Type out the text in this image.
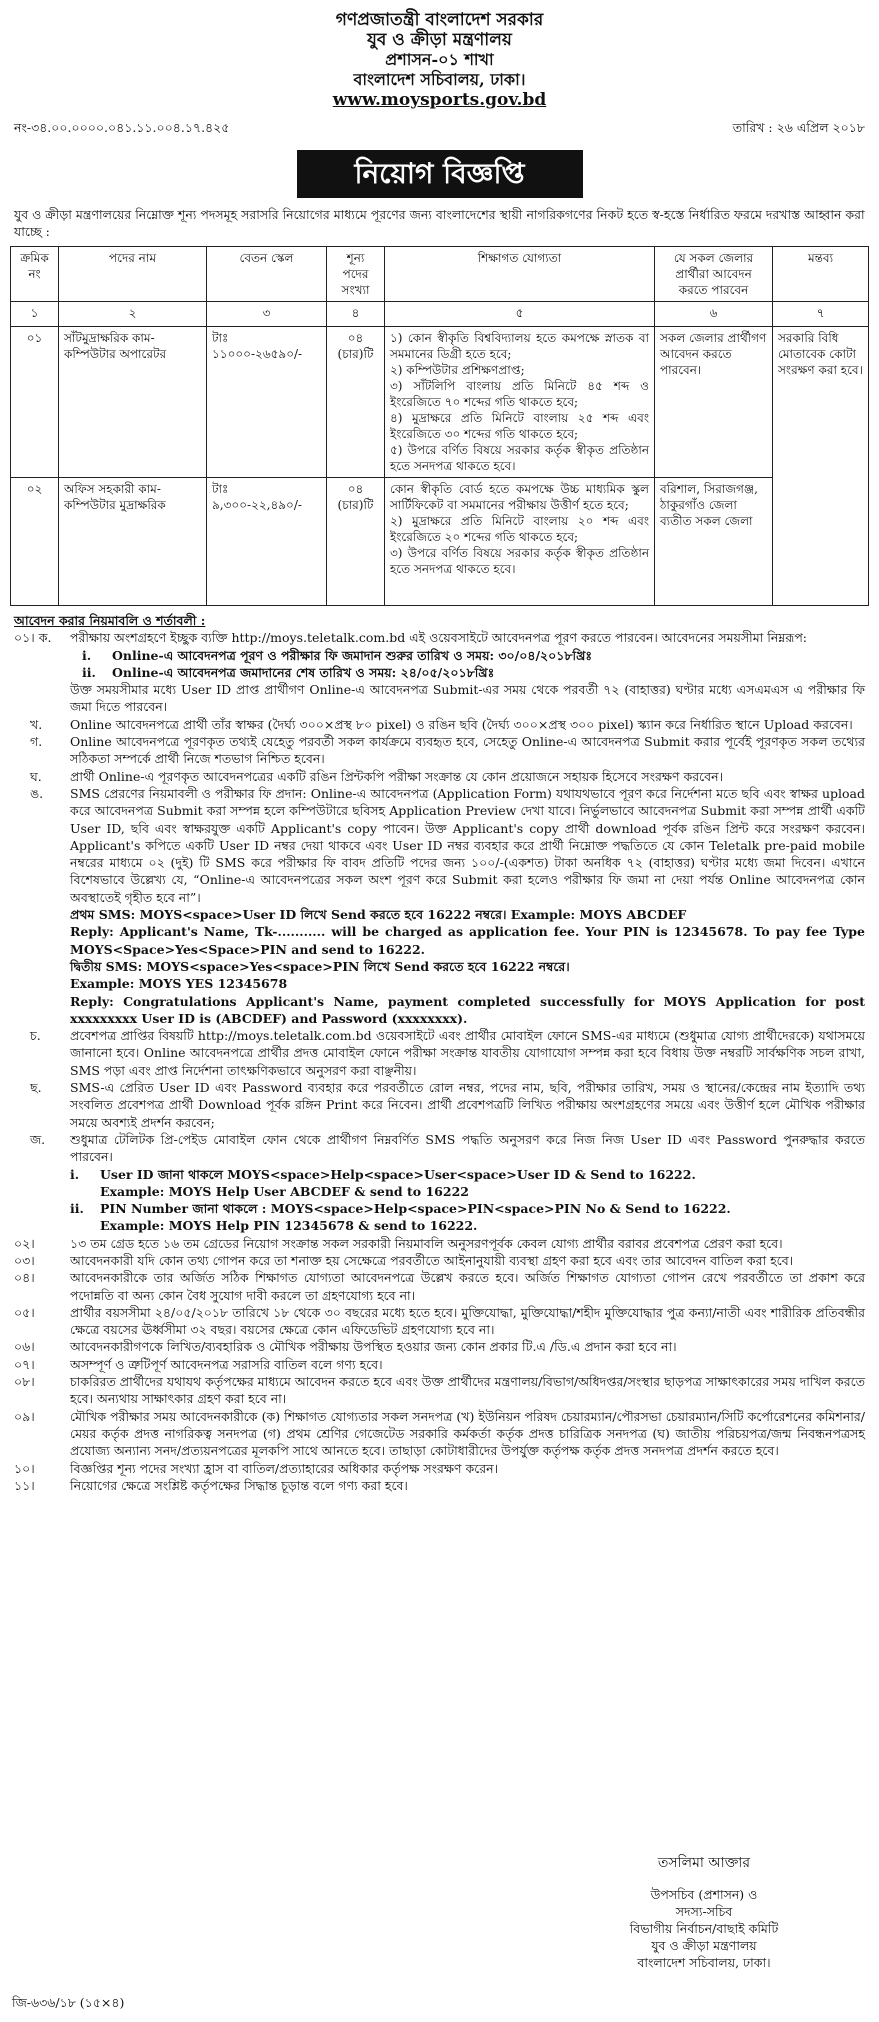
গণপ্রজাতন্ত্রী বাংলাদেশ সরকার
যুব ও ক্রীড়া মন্ত্রণালয়
প্রশাসন-০১ শাখা
বাংলাদেশ সচিবালয়, ঢাকা।
www.moysports.gov.bd
নং-৩৪.০০.০০০০.০৪১.১১.০০৪.১৭.৪২৫	তারিখ : ২৬ এপ্রিল ২০১৮
নিয়োগ বিজ্ঞপ্তি
যুব ও ক্রীড়া মন্ত্রণালয়ের নিম্নোক্ত শূন্য পদসমূহ সরাসরি নিয়োগের মাধ্যমে পূরণের জন্য বাংলাদেশের স্থায়ী নাগরিকগণের নিকট হতে স্ব-হস্তে নির্ধারিত ফরমে দরখাস্ত আহ্বান করা যাচ্ছে :
ক্রমিক নং	পদের নাম	বেতন স্কেল	শূন্য পদের সংখ্যা	শিক্ষাগত যোগ্যতা	যে সকল জেলার প্রার্থীরা আবেদন করতে পারবেন	মন্তব্য
১	২	৩	৪	৫	৬	৭
০১	সাঁটমুদ্রাক্ষরিক কাম-কম্পিউটার অপারেটর	টাঃ ১১০০০-২৬৫৯০/-	০৪ (চার)টি	১) কোন স্বীকৃতি বিশ্ববিদ্যালয় হতে কমপক্ষে স্নাতক বা সমমানের ডিগ্রী হতে হবে;

২) কম্পিউটার প্রশিক্ষণপ্রাপ্ত;

৩) সাঁটলিপি বাংলায় প্রতি মিনিটে ৪৫ শব্দ ও ইংরেজিতে ৭০ শব্দের গতি থাকতে হবে;

৪) মুদ্রাক্ষরে প্রতি মিনিটে বাংলায় ২৫ শব্দ এবং ইংরেজিতে ৩০ শব্দের গতি থাকতে হবে;

৫) উপরে বর্ণিত বিষয়ে সরকার কর্তৃক স্বীকৃত প্রতিষ্ঠান হতে সনদপত্র থাকতে হবে।	সকল জেলার প্রার্থীগণ আবেদন করতে পারবেন।	সরকারি বিধি মোতাবেক কোটা সংরক্ষণ করা হবে।
০২	অফিস সহকারী কাম-কম্পিউটার মুদ্রাক্ষরিক	টাঃ ৯,৩০০-২২,৪৯০/-	০৪ (চার)টি	কোন স্বীকৃতি বোর্ড হতে কমপক্ষে উচ্চ মাধ্যমিক স্কুল সার্টিফিকেট বা সমমানের পরীক্ষায় উত্তীর্ণ হতে হবে;

২) মুদ্রাক্ষরে প্রতি মিনিটে বাংলায় ২০ শব্দ এবং ইংরেজিতে ২০ শব্দের গতি থাকতে হবে;

৩) উপরে বর্ণিত বিষয়ে সরকার কর্তৃক স্বীকৃত প্রতিষ্ঠান হতে সনদপত্র থাকতে হবে।	বরিশাল, সিরাজগঞ্জ, ঠাকুরগাঁও জেলা ব্যতীত সকল জেলা	
আবেদন করার নিয়মাবলি ও শর্তাবলী :
০১। ক.	পরীক্ষায় অংশগ্রহণে ইচ্ছুক ব্যক্তি http://moys.teletalk.com.bd এই ওয়েবসাইটে আবেদনপত্র পূরণ করতে পারবেন। আবেদনের সময়সীমা নিম্নরূপ:
i.	Online-এ আবেদনপত্র পূরণ ও পরীক্ষার ফি জমাদান শুরুর তারিখ ও সময়: ৩০/০৪/২০১৮খ্রিঃ
ii.	Online-এ আবেদনপত্র জমাদানের শেষ তারিখ ও সময়: ২৪/০৫/২০১৮খ্রিঃ
উক্ত সময়সীমার মধ্যে User ID প্রাপ্ত প্রার্থীগণ Online-এ আবেদনপত্র Submit-এর সময় থেকে পরবর্তী ৭২ (বাহাত্তর) ঘণ্টার মধ্যে এসএমএস এ পরীক্ষার ফি জমা দিতে পারবেন।
খ.	Online আবেদনপত্রে প্রার্থী তাঁর স্বাক্ষর (দৈর্ঘ্য ৩০০×প্রস্থ ৮০ pixel) ও রঙিন ছবি (দৈর্ঘ্য ৩০০×প্রস্থ ৩০০ pixel) স্ক্যান করে নির্ধারিত স্থানে Upload করবেন।
গ.	Online আবেদনপত্রে পূরণকৃত তথ্যই যেহেতু পরবর্তী সকল কার্যক্রমে ব্যবহৃত হবে, সেহেতু Online-এ আবেদনপত্র Submit করার পূর্বেই পূরণকৃত সকল তথ্যের সঠিকতা সম্পর্কে প্রার্থী নিজে শতভাগ নিশ্চিত হবেন।
ঘ.	প্রার্থী Online-এ পূরণকৃত আবেদনপত্রের একটি রঙিন প্রিন্টকপি পরীক্ষা সংক্রান্ত যে কোন প্রয়োজনে সহায়ক হিসেবে সংরক্ষণ করবেন।
ঙ.	SMS প্রেরণের নিয়মাবলী ও পরীক্ষার ফি প্রদান: Online-এ আবেদনপত্র (Application Form) যথাযথভাবে পূরণ করে নির্দেশনা মতে ছবি এবং স্বাক্ষর upload করে আবেদনপত্র Submit করা সম্পন্ন হলে কম্পিউটারে ছবিসহ Application Preview দেখা যাবে। নির্ভুলভাবে আবেদনপত্র Submit করা সম্পন্ন প্রার্থী একটি User ID, ছবি এবং স্বাক্ষরযুক্ত একটি Applicant's copy পাবেন। উক্ত Applicant's copy প্রার্থী download পূর্বক রঙিন প্রিন্ট করে সংরক্ষণ করবেন। Applicant's কপিতে একটি User ID নম্বর দেয়া থাকবে এবং User ID নম্বর ব্যবহার করে প্রার্থী নিম্নোক্ত পদ্ধতিতে যে কোন Teletalk pre-paid mobile নম্বরের মাধ্যমে ০২ (দুই) টি SMS করে পরীক্ষার ফি বাবদ প্রতিটি পদের জন্য ১০০/-(একশত) টাকা অনধিক ৭২ (বাহাত্তর) ঘণ্টার মধ্যে জমা দিবেন। এখানে বিশেষভাবে উল্লেখ্য যে, “Online-এ আবেদনপত্রের সকল অংশ পূরণ করে Submit করা হলেও পরীক্ষার ফি জমা না দেয়া পর্যন্ত Online আবেদনপত্র কোন অবস্থাতেই গৃহীত হবে না”।
প্রথম SMS: MOYS<space>User ID লিখে Send করতে হবে 16222 নম্বরে। Example: MOYS ABCDEF
Reply: Applicant's Name, Tk-........... will be charged as application fee. Your PIN is 12345678. To pay fee Type MOYS<Space>Yes<Space>PIN and send to 16222.
দ্বিতীয় SMS: MOYS<space>Yes<space>PIN লিখে Send করতে হবে 16222 নম্বরে।
Example: MOYS YES 12345678
Reply: Congratulations Applicant's Name, payment completed successfully for MOYS Application for post xxxxxxxxx User ID is (ABCDEF) and Password (xxxxxxxx).
চ.	প্রবেশপত্র প্রাপ্তির বিষয়টি http://moys.teletalk.com.bd ওয়েবসাইটে এবং প্রার্থীর মোবাইল ফোনে SMS-এর মাধ্যমে (শুধুমাত্র যোগ্য প্রার্থীদেরকে) যথাসময়ে জানানো হবে। Online আবেদনপত্রে প্রার্থীর প্রদত্ত মোবাইল ফোনে পরীক্ষা সংক্রান্ত যাবতীয় যোগাযোগ সম্পন্ন করা হবে বিধায় উক্ত নম্বরটি সার্বক্ষণিক সচল রাখা, SMS পড়া এবং প্রাপ্ত নির্দেশনা তাৎক্ষণিকভাবে অনুসরণ করা বাঞ্ছনীয়।
ছ.	SMS-এ প্রেরিত User ID এবং Password ব্যবহার করে পরবর্তীতে রোল নম্বর, পদের নাম, ছবি, পরীক্ষার তারিখ, সময় ও স্থানের/কেন্দ্রের নাম ইত্যাদি তথ্য সংবলিত প্রবেশপত্র প্রার্থী Download পূর্বক রঙ্গিন Print করে নিবেন। প্রার্থী প্রবেশপত্রটি লিখিত পরীক্ষায় অংশগ্রহণের সময়ে এবং উত্তীর্ণ হলে মৌখিক পরীক্ষার সময়ে অবশ্যই প্রদর্শন করবেন;
জ.	শুধুমাত্র টেলিটক প্রি-পেইড মোবাইল ফোন থেকে প্রার্থীগণ নিম্নবর্ণিত SMS পদ্ধতি অনুসরণ করে নিজ নিজ User ID এবং Password পুনরুদ্ধার করতে পারবেন।
i.	User ID জানা থাকলে MOYS<space>Help<space>User<space>User ID & Send to 16222.
Example: MOYS Help User ABCDEF & send to 16222
ii.	PIN Number জানা থাকলে : MOYS<space>Help<space>PIN<space>PIN No & Send to 16222.
Example: MOYS Help PIN 12345678 & send to 16222.
০২।	১৩ তম গ্রেড হতে ১৬ তম গ্রেডের নিয়োগ সংক্রান্ত সকল সরকারী নিয়মাবলি অনুসরণপূর্বক কেবল যোগ্য প্রার্থীর বরাবর প্রবেশপত্র প্রেরণ করা হবে।
০৩।	আবেদনকারী যদি কোন তথ্য গোপন করে তা শনাক্ত হয় সেক্ষেত্রে পরবর্তীতে আইনানুযায়ী ব্যবস্থা গ্রহণ করা হবে এবং তার আবেদন বাতিল করা হবে।
০৪।	আবেদনকারীকে তার অর্জিত সঠিক শিক্ষাগত যোগ্যতা আবেদনপত্রে উল্লেখ করতে হবে। অর্জিত শিক্ষাগত যোগ্যতা গোপন রেখে পরবর্তীতে তা প্রকাশ করে পদোন্নতি বা অন্য কোন বৈধ সুযোগ দাবী করলে তা গ্রহণযোগ্য হবে না।
০৫।	প্রার্থীর বয়সসীমা ২৪/০৫/২০১৮ তারিখে ১৮ থেকে ৩০ বছরের মধ্যে হতে হবে। মুক্তিযোদ্ধা, মুক্তিযোদ্ধা/শহীদ মুক্তিযোদ্ধার পুত্র কন্যা/নাতী এবং শারীরিক প্রতিবন্ধীর ক্ষেত্রে বয়সের ঊর্ধ্বসীমা ৩২ বছর। বয়সের ক্ষেত্রে কোন এফিডেভিট গ্রহণযোগ্য হবে না।
০৬।	আবেদনকারীগণকে লিখিত/ব্যবহারিক ও মৌখিক পরীক্ষায় উপস্থিত হওয়ার জন্য কোন প্রকার টি.এ /ডি.এ প্রদান করা হবে না।
০৭।	অসম্পূর্ণ ও ত্রুটিপূর্ণ আবেদনপত্র সরাসরি বাতিল বলে গণ্য হবে।
০৮।	চাকরিরত প্রার্থীদের যথাযথ কর্তৃপক্ষের মাধ্যমে আবেদন করতে হবে এবং উক্ত প্রার্থীদের মন্ত্রণালয়/বিভাগ/অধিদপ্তর/সংস্থার ছাড়পত্র সাক্ষাৎকারের সময় দাখিল করতে হবে। অন্যথায় সাক্ষাৎকার গ্রহণ করা হবে না।
০৯।	মৌখিক পরীক্ষার সময় আবেদনকারীকে (ক) শিক্ষাগত যোগ্যতার সকল সনদপত্র (খ) ইউনিয়ন পরিষদ চেয়ারম্যান/পৌরসভা চেয়ারম্যান/সিটি কর্পোরেশনের কমিশনার/মেয়র কর্তৃক প্রদত্ত নাগরিকত্ব সনদপত্র (গ) প্রথম শ্রেণির গেজেটেড সরকারি কর্মকর্তা কর্তৃক প্রদত্ত চারিত্রিক সনদপত্র (ঘ) জাতীয় পরিচয়পত্র/জন্ম নিবন্ধনপত্রসহ প্রযোজ্য অন্যান্য সনদ/প্রত্যয়নপত্রের মূলকপি সাথে আনতে হবে। তাছাড়া কোটাধারীদের উপর্যুক্ত কর্তৃপক্ষ কর্তৃক প্রদত্ত সনদপত্র প্রদর্শন করতে হবে।
১০।	বিজ্ঞপ্তির শূন্য পদের সংখ্যা হ্রাস বা বাতিল/প্রত্যাহারের অধিকার কর্তৃপক্ষ সংরক্ষণ করেন।
১১।	নিয়োগের ক্ষেত্রে সংশ্লিষ্ট কর্তৃপক্ষের সিদ্ধান্ত চূড়ান্ত বলে গণ্য করা হবে।
তসলিমা আক্তার
উপসচিব (প্রশাসন) ও
সদস্য-সচিব
বিভাগীয় নির্বাচন/বাছাই কমিটি
যুব ও ক্রীড়া মন্ত্রণালয়
বাংলাদেশ সচিবালয়, ঢাকা।
জি-৬৩৬/১৮ (১৫×৪)
